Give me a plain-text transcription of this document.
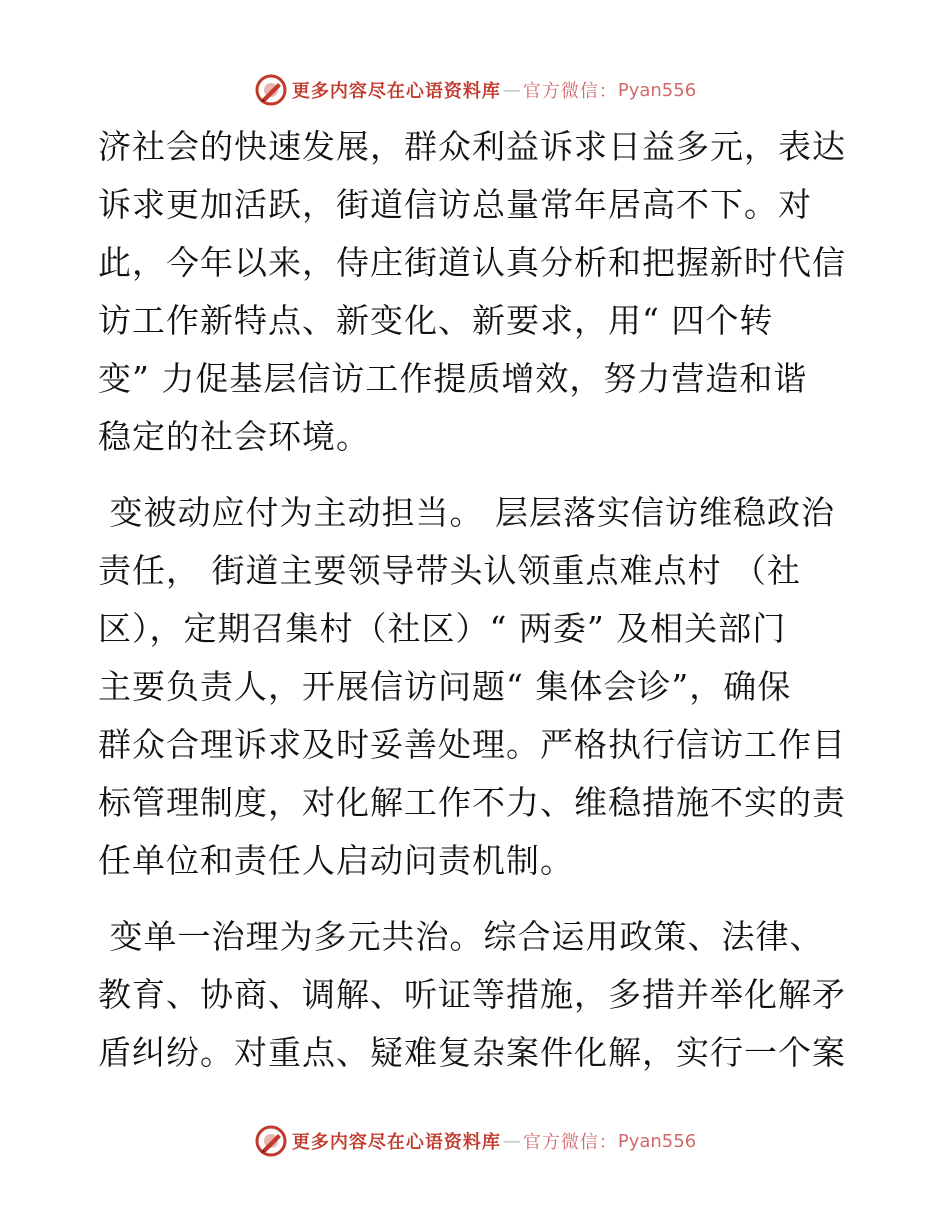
更多内容尽在心语资料库 — 官方微信： Pyan556

济社会的快速发展，群众利益诉求日益多元，表达
诉求更加活跃，街道信访总量常年居高不下。对
此，今年以来，侍庄街道认真分析和把握新时代信
访工作新特点、新变化、新要求，用“ 四个转
变” 力促基层信访工作提质增效，努力营造和谐
稳定的社会环境。

变被动应付为主动担当。 层层落实信访维稳政治
责任， 街道主要领导带头认领重点难点村 （社
区），定期召集村（社区）“ 两委” 及相关部门
主要负责人，开展信访问题“ 集体会诊”，确保
群众合理诉求及时妥善处理。严格执行信访工作目
标管理制度，对化解工作不力、维稳措施不实的责
任单位和责任人启动问责机制。

变单一治理为多元共治。综合运用政策、法律、
教育、协商、调解、听证等措施，多措并举化解矛
盾纠纷。对重点、疑难复杂案件化解，实行一个案

更多内容尽在心语资料库 — 官方微信： Pyan556
